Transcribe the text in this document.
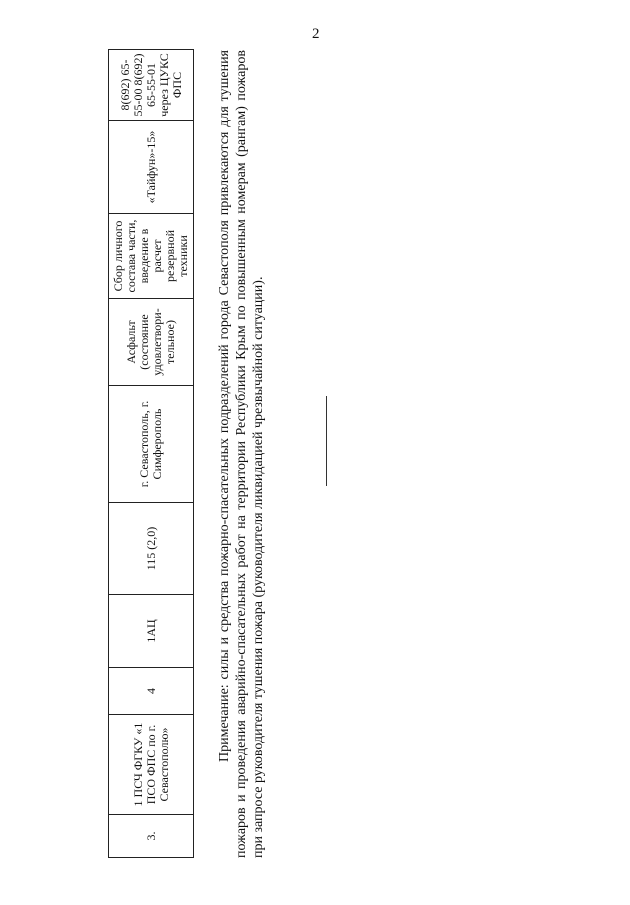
2
3.	1 ПСЧ ФГКУ «1 ПСО ФПС по г. Севастополю»	4	1АЦ	115 (2,0)	г. Севастополь, г. Симферополь	Асфальт (состояние удовлетвори-тельное)	Сбор личного состава части, введение в расчет резервной техники	«Тайфун»-15»	8(692) 65-55-00 8(692) 65-55-01 через ЦУКС ФПС Примечание: силы и средства пожарно-спасательных подразделений города Севастополя привлекаются для тушения пожаров и проведения аварийно-спасательных работ на территории Республики Крым по повышенным номерам (рангам) пожаров при запросе руководителя тушения пожара (руководителя ликвидацией чрезвычайной ситуации).
